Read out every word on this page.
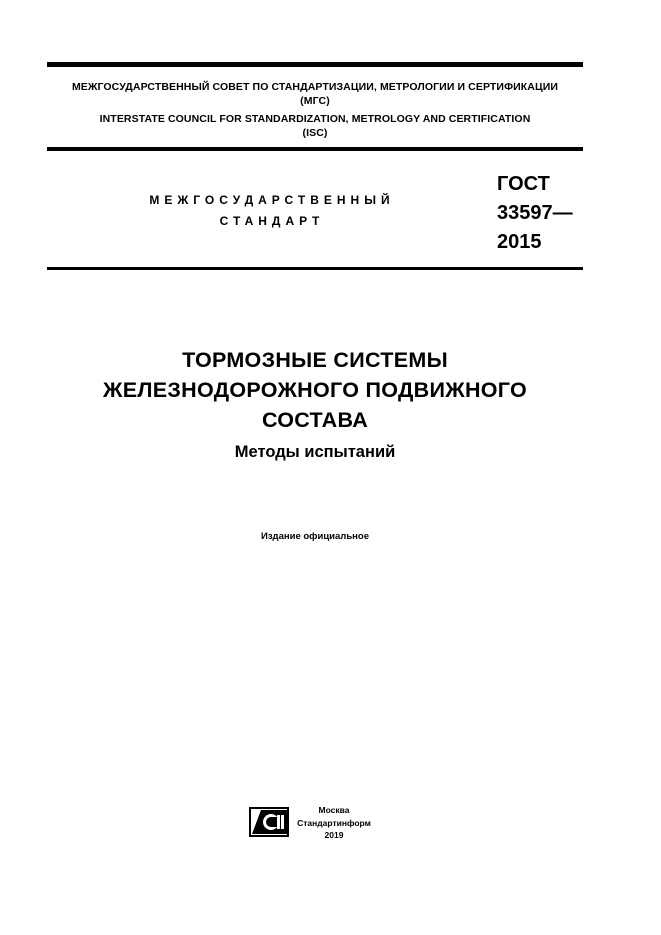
МЕЖГОСУДАРСТВЕННЫЙ СОВЕТ ПО СТАНДАРТИЗАЦИИ, МЕТРОЛОГИИ И СЕРТИФИКАЦИИ
(МГС)
INTERSTATE COUNCIL FOR STANDARDIZATION, METROLOGY AND CERTIFICATION
(ISC)
МЕЖГОСУДАРСТВЕННЫЙ
СТАНДАРТ
ГОСТ
33597—
2015
ТОРМОЗНЫЕ СИСТЕМЫ
ЖЕЛЕЗНОДОРОЖНОГО ПОДВИЖНОГО
СОСТАВА
Методы испытаний
Издание официальное
Москва
Стандартинформ
2019
